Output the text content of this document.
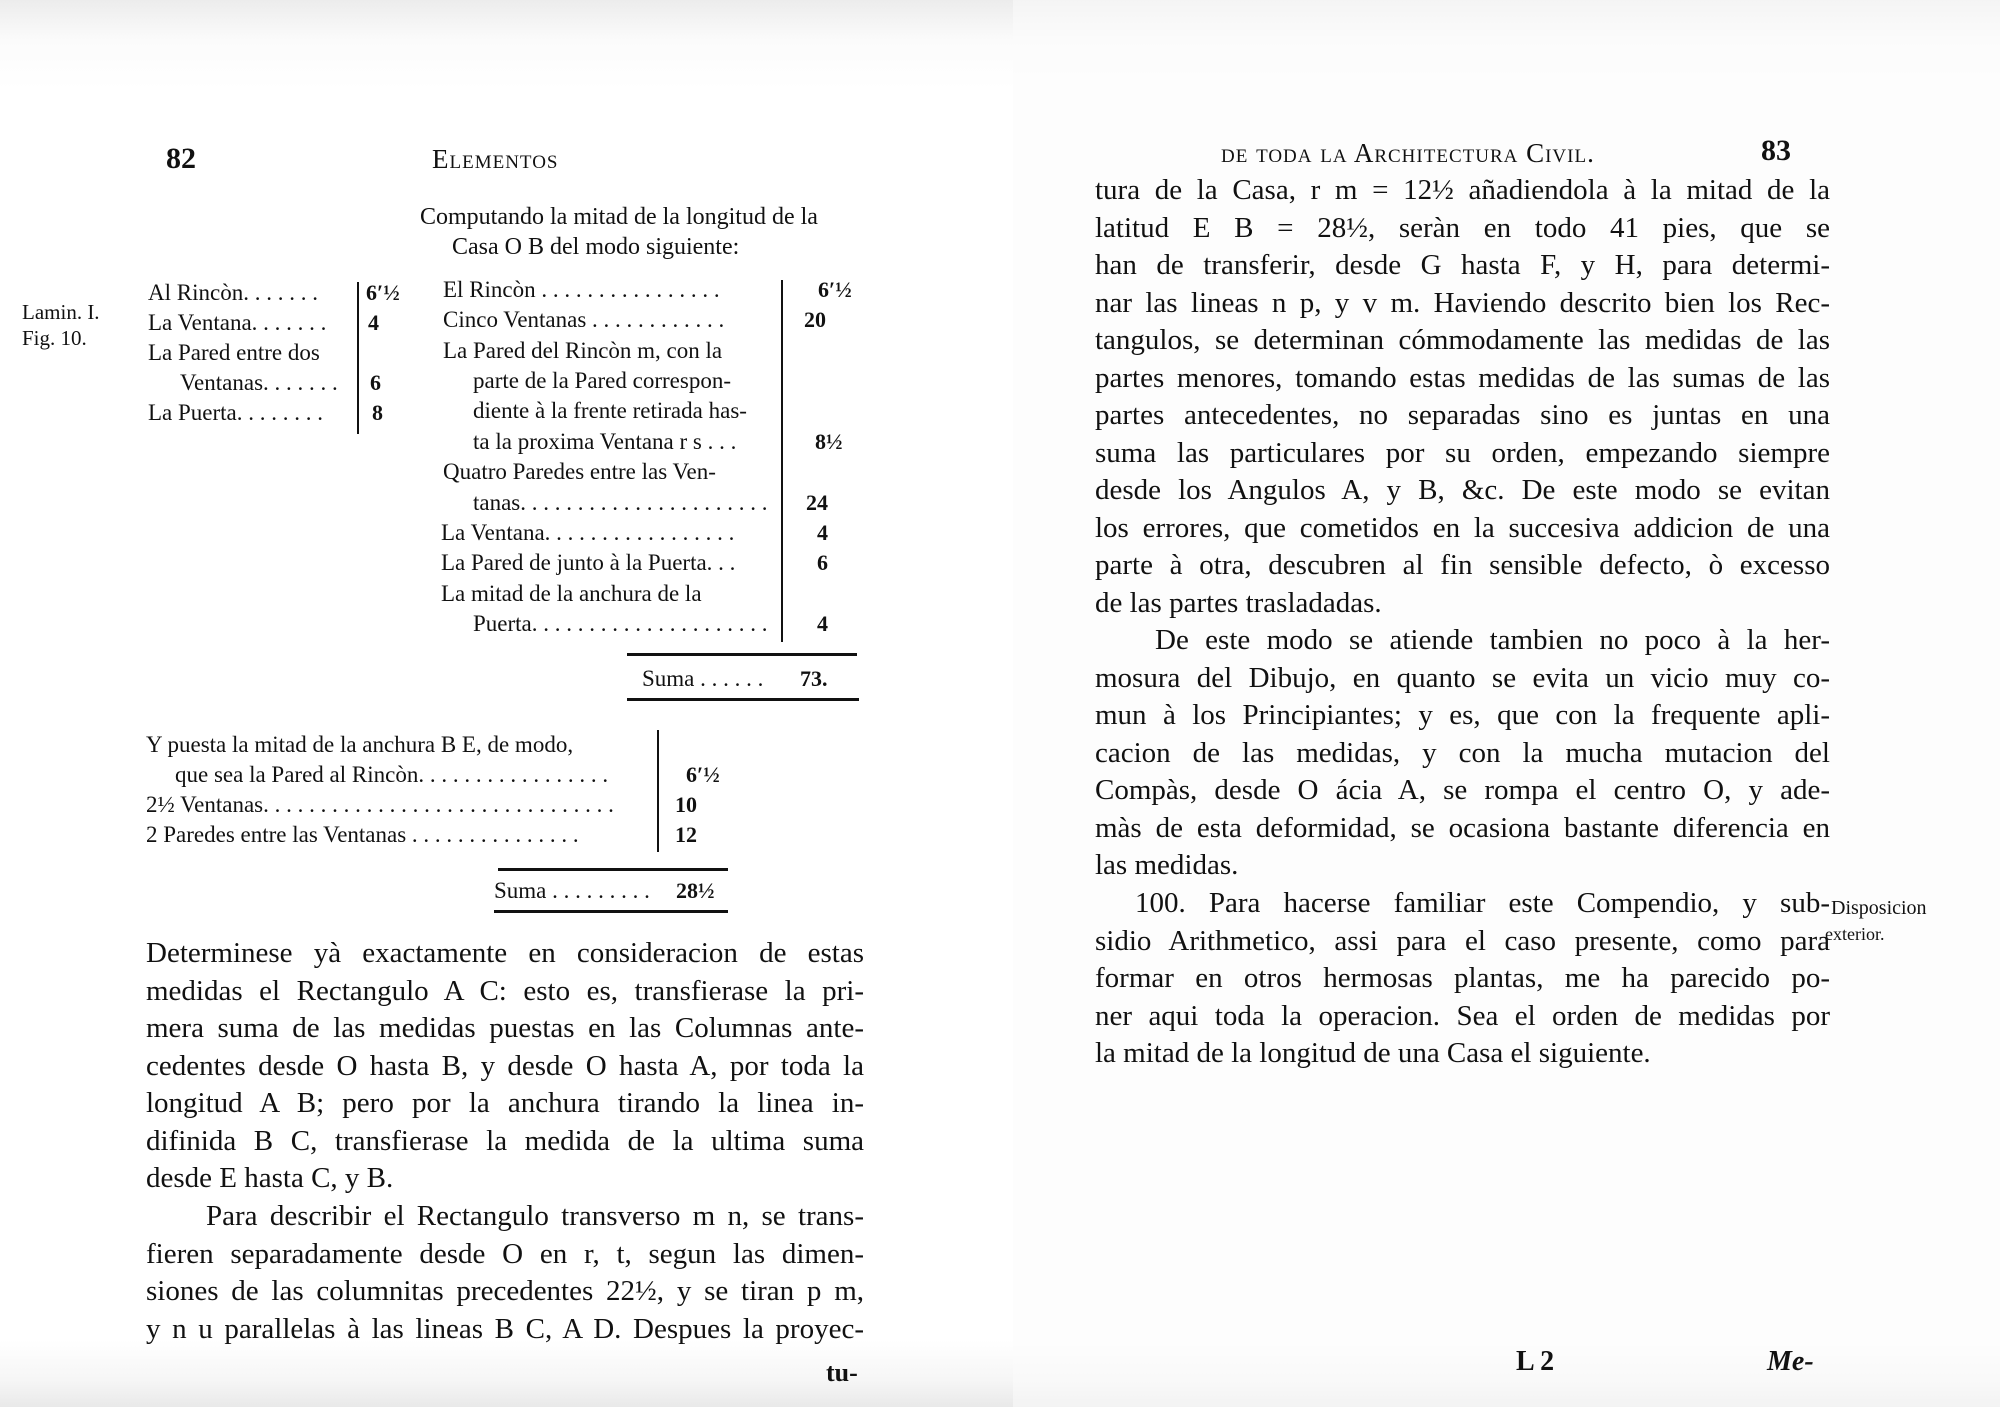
82	Elementos
Computando la mitad de la longitud de la
Casa O B del modo siguiente:
Lamin. I.
Fig. 10.
Al Rincòn. . . . . . . 6′½
La Ventana. . . . . . . 4
La Pared entre dos
Ventanas. . . . . . . 6
La Puerta. . . . . . . . 8
El Rincòn . . . . . . . . . . . . . . . .	6′½
Cinco Ventanas . . . . . . . . . . . .	20
La Pared del Rincòn m, con la
parte de la Pared correspon-
diente à la frente retirada has-
ta la proxima Ventana r s . . .	8½
Quatro Paredes entre las Ven-
tanas. . . . . . . . . . . . . . . . . . . . . . 24
La Ventana. . . . . . . . . . . . . . . . .	4
La Pared de junto à la Puerta. . .	6
La mitad de la anchura de la
Puerta. . . . . . . . . . . . . . . . . . . . . 4
Suma . . . . . . 73.
Y puesta la mitad de la anchura B E, de modo,
que sea la Pared al Rincòn. . . . . . . . . . . . . . . . .	6′½
2½ Ventanas. . . . . . . . . . . . . . . . . . . . . . . . . . . . . . .	10
2 Paredes entre las Ventanas . . . . . . . . . . . . . . .	12
Suma . . . . . . . . . 28½
Determinese yà exactamente en consideracion de estas
medidas el Rectangulo A C: esto es, transfierase la pri-
mera suma de las medidas puestas en las Columnas ante-
cedentes desde O hasta B, y desde O hasta A, por toda la
longitud A B; pero por la anchura tirando la linea in-
difinida B C, transfierase la medida de la ultima suma
desde E hasta C, y B.
Para describir el Rectangulo transverso m n, se trans-
fieren separadamente desde O en r, t, segun las dimen-
siones de las columnitas precedentes 22½, y se tiran p m,
y n u parallelas à las lineas B C, A D. Despues la proyec-
tu-
de toda la Architectura Civil.	83
tura de la Casa, r m = 12½ añadiendola à la mitad de la
latitud E B = 28½, seràn en todo 41 pies, que se
han de transferir, desde G hasta F, y H, para determi-
nar las lineas n p, y v m. Haviendo descrito bien los Rec-
tangulos, se determinan cómmodamente las medidas de las
partes menores, tomando estas medidas de las sumas de las
partes antecedentes, no separadas sino es juntas en una
suma las particulares por su orden, empezando siempre
desde los Angulos A, y B, &c. De este modo se evitan
los errores, que cometidos en la succesiva addicion de una
parte à otra, descubren al fin sensible defecto, ò excesso
de las partes trasladadas.
De este modo se atiende tambien no poco à la her-
mosura del Dibujo, en quanto se evita un vicio muy co-
mun à los Principiantes; y es, que con la frequente apli-
cacion de las medidas, y con la mucha mutacion del
Compàs, desde O ácia A, se rompa el centro O, y ade-
màs de esta deformidad, se ocasiona bastante diferencia en
las medidas.
100. Para hacerse familiar este Compendio, y sub-
sidio Arithmetico, assi para el caso presente, como para
formar en otros hermosas plantas, me ha parecido po-
ner aqui toda la operacion. Sea el orden de medidas por
la mitad de la longitud de una Casa el siguiente.
Disposicion
exterior.
L 2	Me-
